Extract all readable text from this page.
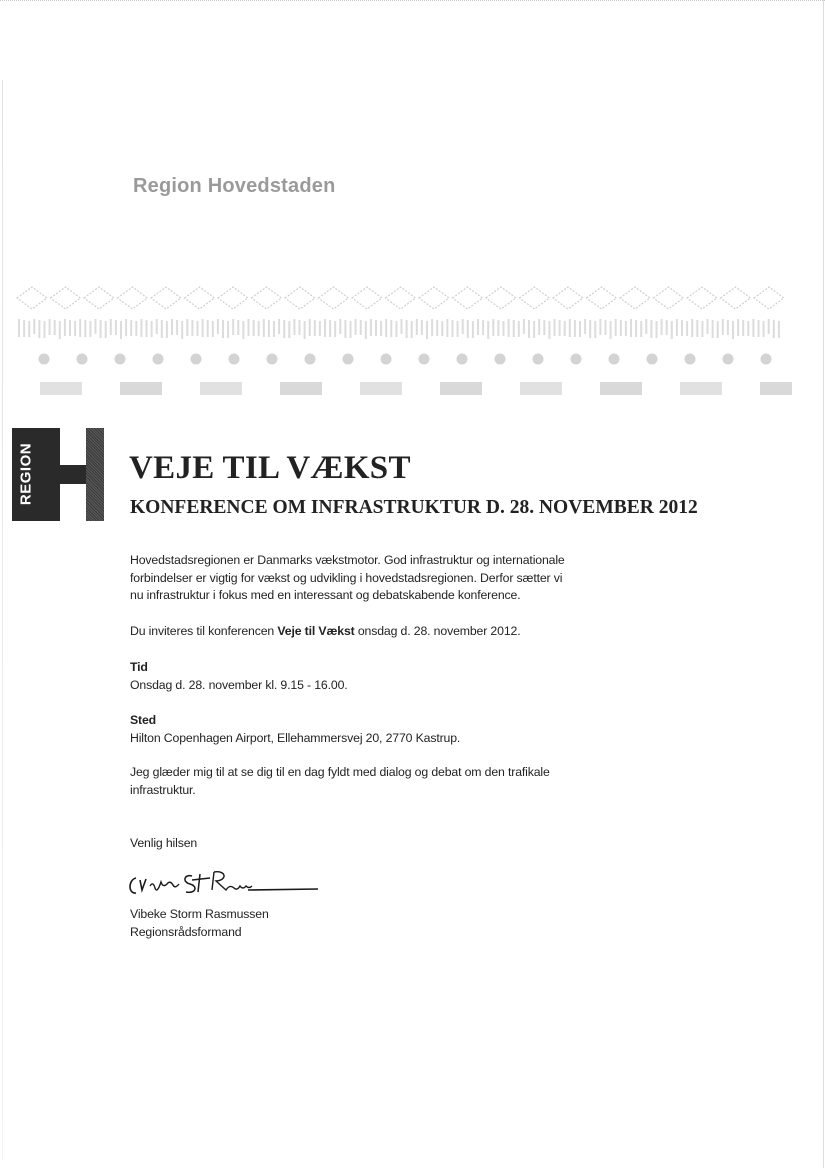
Region Hovedstaden
REGION	VEJE TIL VÆKST
KONFERENCE OM INFRASTRUKTUR D. 28. NOVEMBER 2012
Hovedstadsregionen er Danmarks vækstmotor. God infrastruktur og internationale
forbindelser er vigtig for vækst og udvikling i hovedstadsregionen. Derfor sætter vi
nu infrastruktur i fokus med en interessant og debatskabende konference.
Du inviteres til konferencen Veje til Vækst onsdag d. 28. november 2012.
Tid
Onsdag d. 28. november kl. 9.15 - 16.00.
Sted
Hilton Copenhagen Airport, Ellehammersvej 20, 2770 Kastrup.
Jeg glæder mig til at se dig til en dag fyldt med dialog og debat om den trafikale
infrastruktur.
Venlig hilsen
Vibeke Storm Rasmussen
Regionsrådsformand
